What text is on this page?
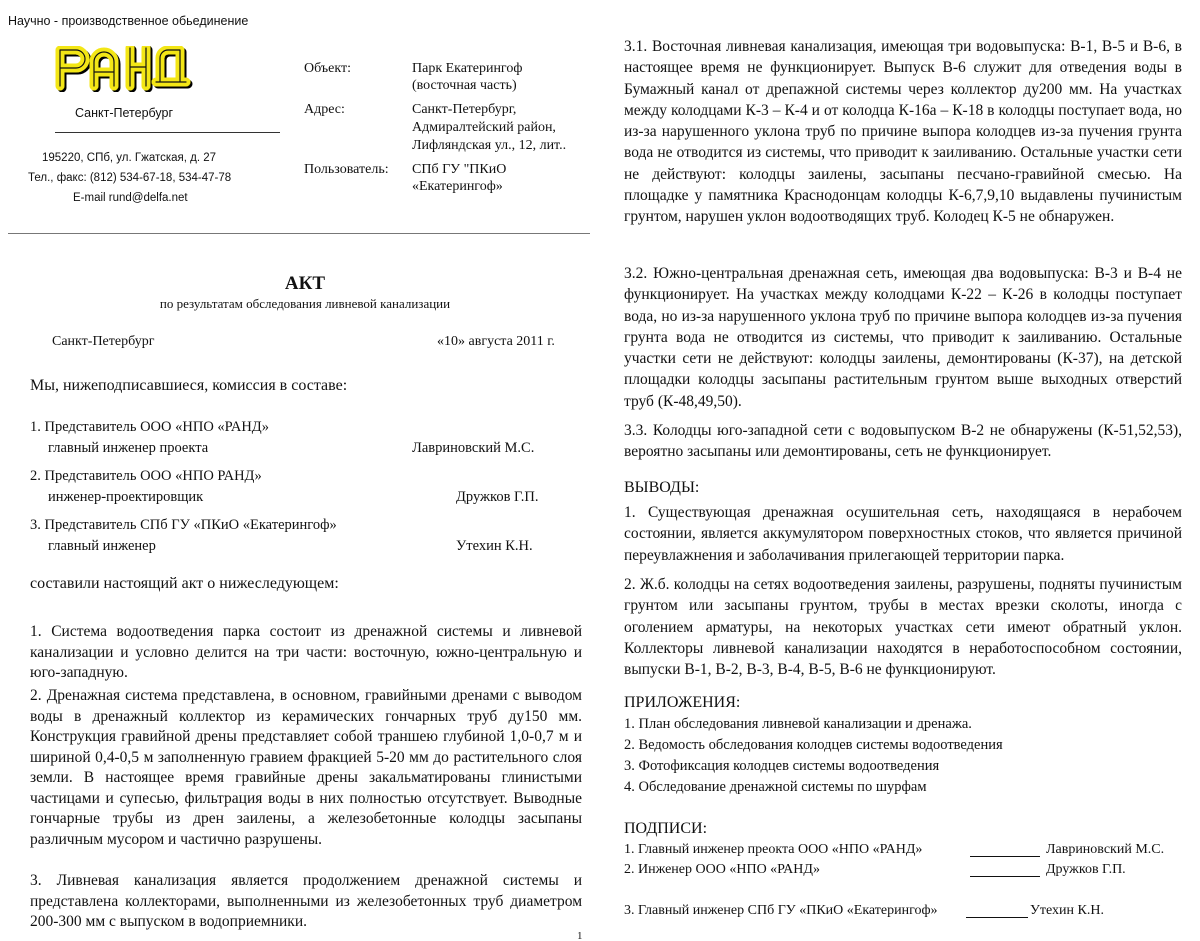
Научно - производственное обьединение
Санкт-Петербург
195220, СПб, ул. Гжатская, д. 27
Тел., факс: (812) 534-67-18, 534-47-78
E-mail rund@delfa.net
Объект:	Парк Екатерингоф
(восточная часть)
Адрес:	Санкт-Петербург,
Адмиралтейский район,
Лифляндская ул., 12, лит..
Пользователь: СПб ГУ "ПКиО
«Екатерингоф»
АКТ
по результатам обследования ливневой канализации
Санкт-Петербург	«10» августа 2011 г.
Мы, нижеподписавшиеся, комиссия в составе:
1. Представитель ООО «НПО «РАНД»
главный инженер проекта	Лавриновский М.С.
2. Представитель ООО «НПО РАНД»
инженер-проектировщик	Дружков Г.П.
3. Представитель СПб ГУ «ПКиО «Екатерингоф»
главный инженер	Утехин К.Н.
составили настоящий акт о нижеследующем:
1. Система водоотведения парка состоит из дренажной системы и ливневой канализации и условно делится на три части: восточную, южно-центральную и юго-западную.
2. Дренажная система представлена, в основном, гравийными дренами с выводом воды в дренажный коллектор из керамических гончарных труб ду150 мм. Конструкция гравийной дрены представляет собой траншею глубиной 1,0-0,7 м и шириной 0,4-0,5 м заполненную гравием фракцией 5-20 мм до растительного слоя земли. В настоящее время гравийные дрены закальматированы глинистыми частицами и супесью, фильтрация воды в них полностью отсутствует. Выводные гончарные трубы из дрен заилены, а железобетонные колодцы засыпаны различным мусором и частично разрушены.
3. Ливневая канализация является продолжением дренажной системы и представлена коллекторами, выполненными из железобетонных труб диаметром 200-300 мм с выпуском в водоприемники.
1
3.1. Восточная ливневая канализация, имеющая три водовыпуска: В-1, В-5 и В-6, в настоящее время не функционирует. Выпуск В-6 служит для отведения воды в Бумажный канал от дрепажной системы через коллектор ду200 мм. На участках между колодцами К-3 – К-4 и от колодца К-16а – К-18 в колодцы поступает вода, но из-за нарушенного уклона труб по причине выпора колодцев из-за пучения грунта вода не отводится из системы, что приводит к заиливанию. Остальные участки сети не действуют: колодцы заилены, засыпаны песчано-гравийной смесью. На площадке у памятника Краснодонцам колодцы К-6,7,9,10 выдавлены пучинистым грунтом, нарушен уклон водоотводящих труб. Колодец К-5 не обнаружен.
3.2. Южно-центральная дренажная сеть, имеющая два водовыпуска: В-3 и В-4 не функционирует. На участках между колодцами К-22 – К-26 в колодцы поступает вода, но из-за нарушенного уклона труб по причине выпора колодцев из-за пучения грунта вода не отводится из системы, что приводит к заиливанию. Остальные участки сети не действуют: колодцы заилены, демонтированы (К-37), на детской площадки колодцы засыпаны растительным грунтом выше выходных отверстий труб (К-48,49,50).
3.3. Колодцы юго-западной сети с водовыпуском В-2 не обнаружены (К-51,52,53), вероятно засыпаны или демонтированы, сеть не функционирует.
ВЫВОДЫ:
1. Существующая дренажная осушительная сеть, находящаяся в нерабочем состоянии, является аккумулятором поверхностных стоков, что является причиной переувлажнения и заболачивания прилегающей территории парка.
2. Ж.б. колодцы на сетях водоотведения заилены, разрушены, подняты пучинистым грунтом или засыпаны грунтом, трубы в местах врезки сколоты, иногда с оголением арматуры, на некоторых участках сети имеют обратный уклон. Коллекторы ливневой канализации находятся в неработоспособном состоянии, выпуски В-1, В-2, В-3, В-4, В-5, В-6 не функционируют.
ПРИЛОЖЕНИЯ:
1. План обследования ливневой канализации и дренажа.
2. Ведомость обследования колодцев системы водоотведения
3. Фотофиксация колодцев системы водоотведения
4. Обследование дренажной системы по шурфам
ПОДПИСИ:
1. Главный инженер преокта ООО «НПО «РАНД»	Лавриновский М.С.
2. Инженер ООО «НПО «РАНД»	Дружков Г.П.
3. Главный инженер СПб ГУ «ПКиО «Екатерингоф»	Утехин К.Н.
